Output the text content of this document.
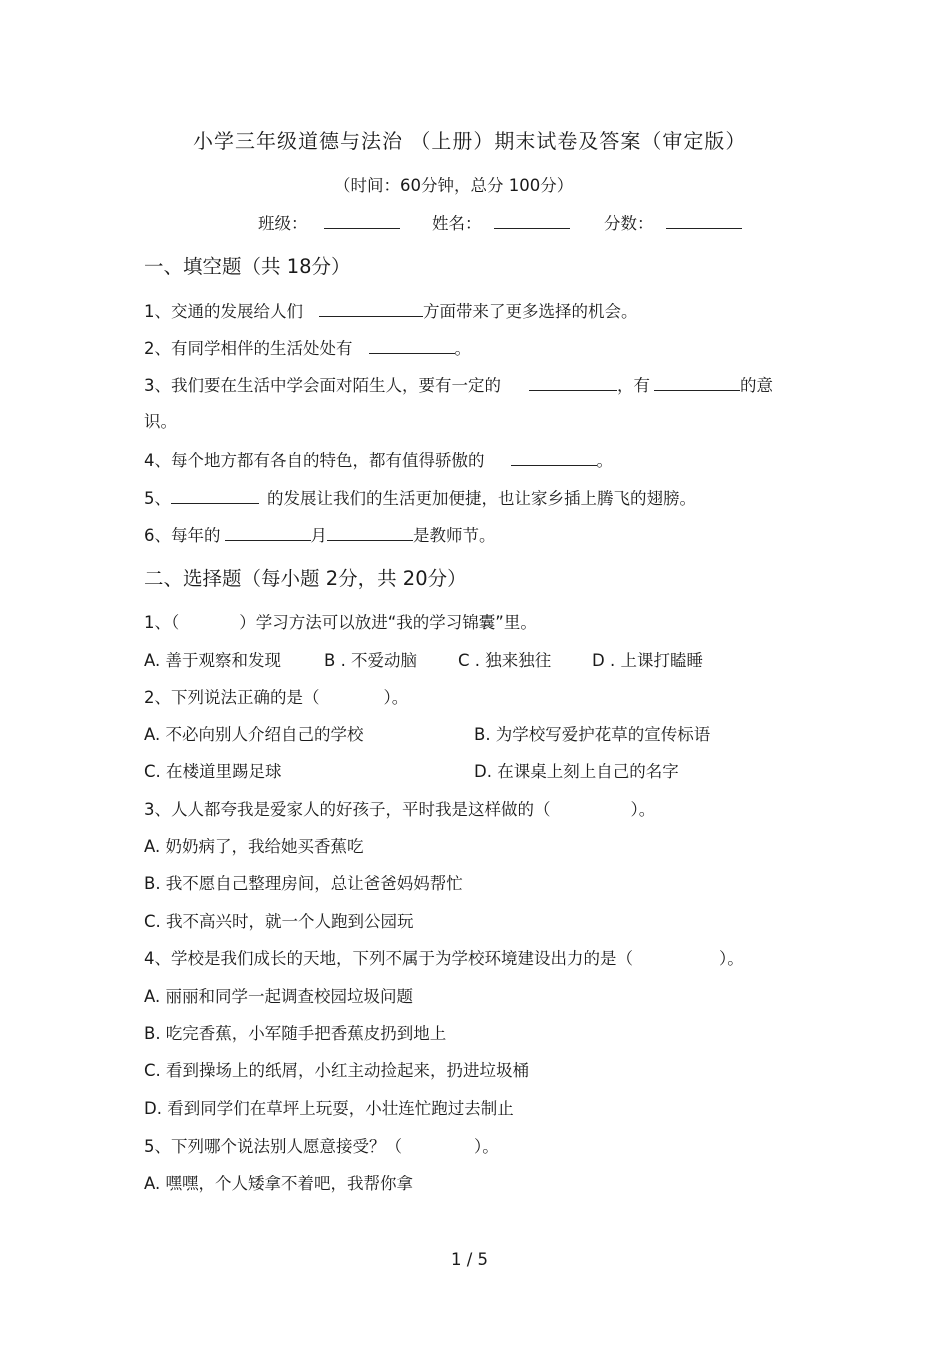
小学三年级道德与法治 （上册）期末试卷及答案（审定版）
（时间：60分钟，总分 100分）
班级：	姓名：	分数：
一、填空题（共 18分）
1、交通的发展给人们	方面带来了更多选择的机会。
2、有同学相伴的生活处处有	。
3、我们要在生活中学会面对陌生人，要有一定的	，有	的意
识。
4、每个地方都有各自的特色，都有值得骄傲的	。
5、	的发展让我们的生活更加便捷，也让家乡插上腾飞的翅膀。
6、每年的	月	是教师节。
二、选择题（每小题 2分，共 20分）
1、（	）学习方法可以放进“我的学习锦囊”里。
A. 善于观察和发现	B . 不爱动脑 C . 独来独往 D . 上课打瞌睡
2、下列说法正确的是（	）。
A. 不必向别人介绍自己的学校	B. 为学校写爱护花草的宣传标语
C. 在楼道里踢足球	D. 在课桌上刻上自己的名字
3、人人都夸我是爱家人的好孩子，平时我是这样做的（	）。
A. 奶奶病了，我给她买香蕉吃
B. 我不愿自己整理房间，总让爸爸妈妈帮忙
C. 我不高兴时，就一个人跑到公园玩
4、学校是我们成长的天地，下列不属于为学校环境建设出力的是（	）。
A. 丽丽和同学一起调查校园垃圾问题
B. 吃完香蕉，小军随手把香蕉皮扔到地上
C. 看到操场上的纸屑，小红主动捡起来，扔进垃圾桶
D. 看到同学们在草坪上玩耍，小壮连忙跑过去制止
5、下列哪个说法别人愿意接受？（	）。
A. 嘿嘿，个人矮拿不着吧，我帮你拿
1 / 5
